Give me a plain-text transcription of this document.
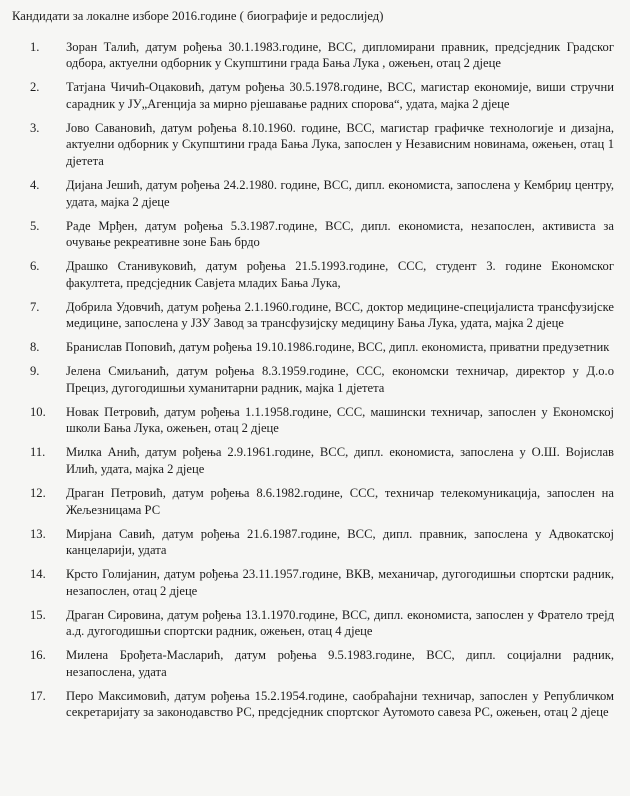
Кандидати за локалне изборе 2016.године ( биографије и редослијед)
1.	Зоран Талић, датум рођења 30.1.1983.године, ВСС, дипломирани правник, предсједник Градског одбора, актуелни одборник у Скупштини града Бања Лука , ожењен, отац 2 дјеце
2.	Татјана Чичић-Оцаковић, датум рођења 30.5.1978.године, ВСС, магистар економије, виши стручни сарадник у ЈУ„Агенција за мирно рјешавање радних спорова“, удата, мајка 2 дјеце
3.	Јово Савановић, датум рођења 8.10.1960. године, ВСС, магистар графичке технологије и дизајна, актуелни одборник у Скупштини града Бања Лука, запослен у Независним новинама, ожењен, отац 1 дјетета
4.	Дијана Јешић, датум рођења 24.2.1980. године, ВСС, дипл. економиста, запослена у Кембриџ центру, удата, мајка 2 дјеце
5.	Раде Мрђен, датум рођења 5.3.1987.године, ВСС, дипл. економиста, незапослен, активиста за очување рекреативне зоне Бањ брдо
6.	Драшко Станивуковић, датум рођења 21.5.1993.године, ССС, студент 3. године Економског факултета, предсједник Савјета младих Бања Лука,
7.	Добрила Удовчић, датум рођења 2.1.1960.године, ВСС, доктор медицине-специјалиста трансфузијске медицине, запослена у ЈЗУ Завод за трансфузијску медицину Бања Лука, удата, мајка 2 дјеце
8.	Бранислав Поповић, датум рођења 19.10.1986.године, ВСС, дипл. економиста, приватни предузетник
9.	Јелена Смиљанић, датум рођења 8.3.1959.године, ССС, економски техничар, директор у Д.о.о Прециз, дугогодишњи хуманитарни радник, мајка 1 дјетета
10.	Новак Петровић, датум рођења 1.1.1958.године, ССС, машински техничар, запослен у Економској школи Бања Лука, ожењен, отац 2 дјеце
11.	Милка Анић, датум рођења 2.9.1961.године, ВСС, дипл. економиста, запослена у О.Ш. Војислав Илић, удата, мајка 2 дјеце
12.	Драган Петровић, датум рођења 8.6.1982.године, ССС, техничар телекомуникација, запослен на Жељезницама РС
13.	Мирјана Савић, датум рођења 21.6.1987.године, ВСС, дипл. правник, запослена у Адвокатској канцеларији, удата
14.	Крсто Голијанин, датум рођења 23.11.1957.године, ВКВ, механичар, дугогодишњи спортски радник, незапослен, отац 2 дјеце
15.	Драган Сировина, датум рођења 13.1.1970.године, ВСС, дипл. економиста, запослен у Фратело трејд а.д. дугогодишњи спортски радник, ожењен, отац 4 дјеце
16.	Милена Брођета-Масларић, датум рођења 9.5.1983.године, ВСС, дипл. социјални радник, незапослена, удата
17.	Перо Максимовић, датум рођења 15.2.1954.године, саобраћајни техничар, запослен у Републичком секретаријату за законодавство РС, предсједник спортског Аутомото савеза РС, ожењен, отац 2 дјеце
